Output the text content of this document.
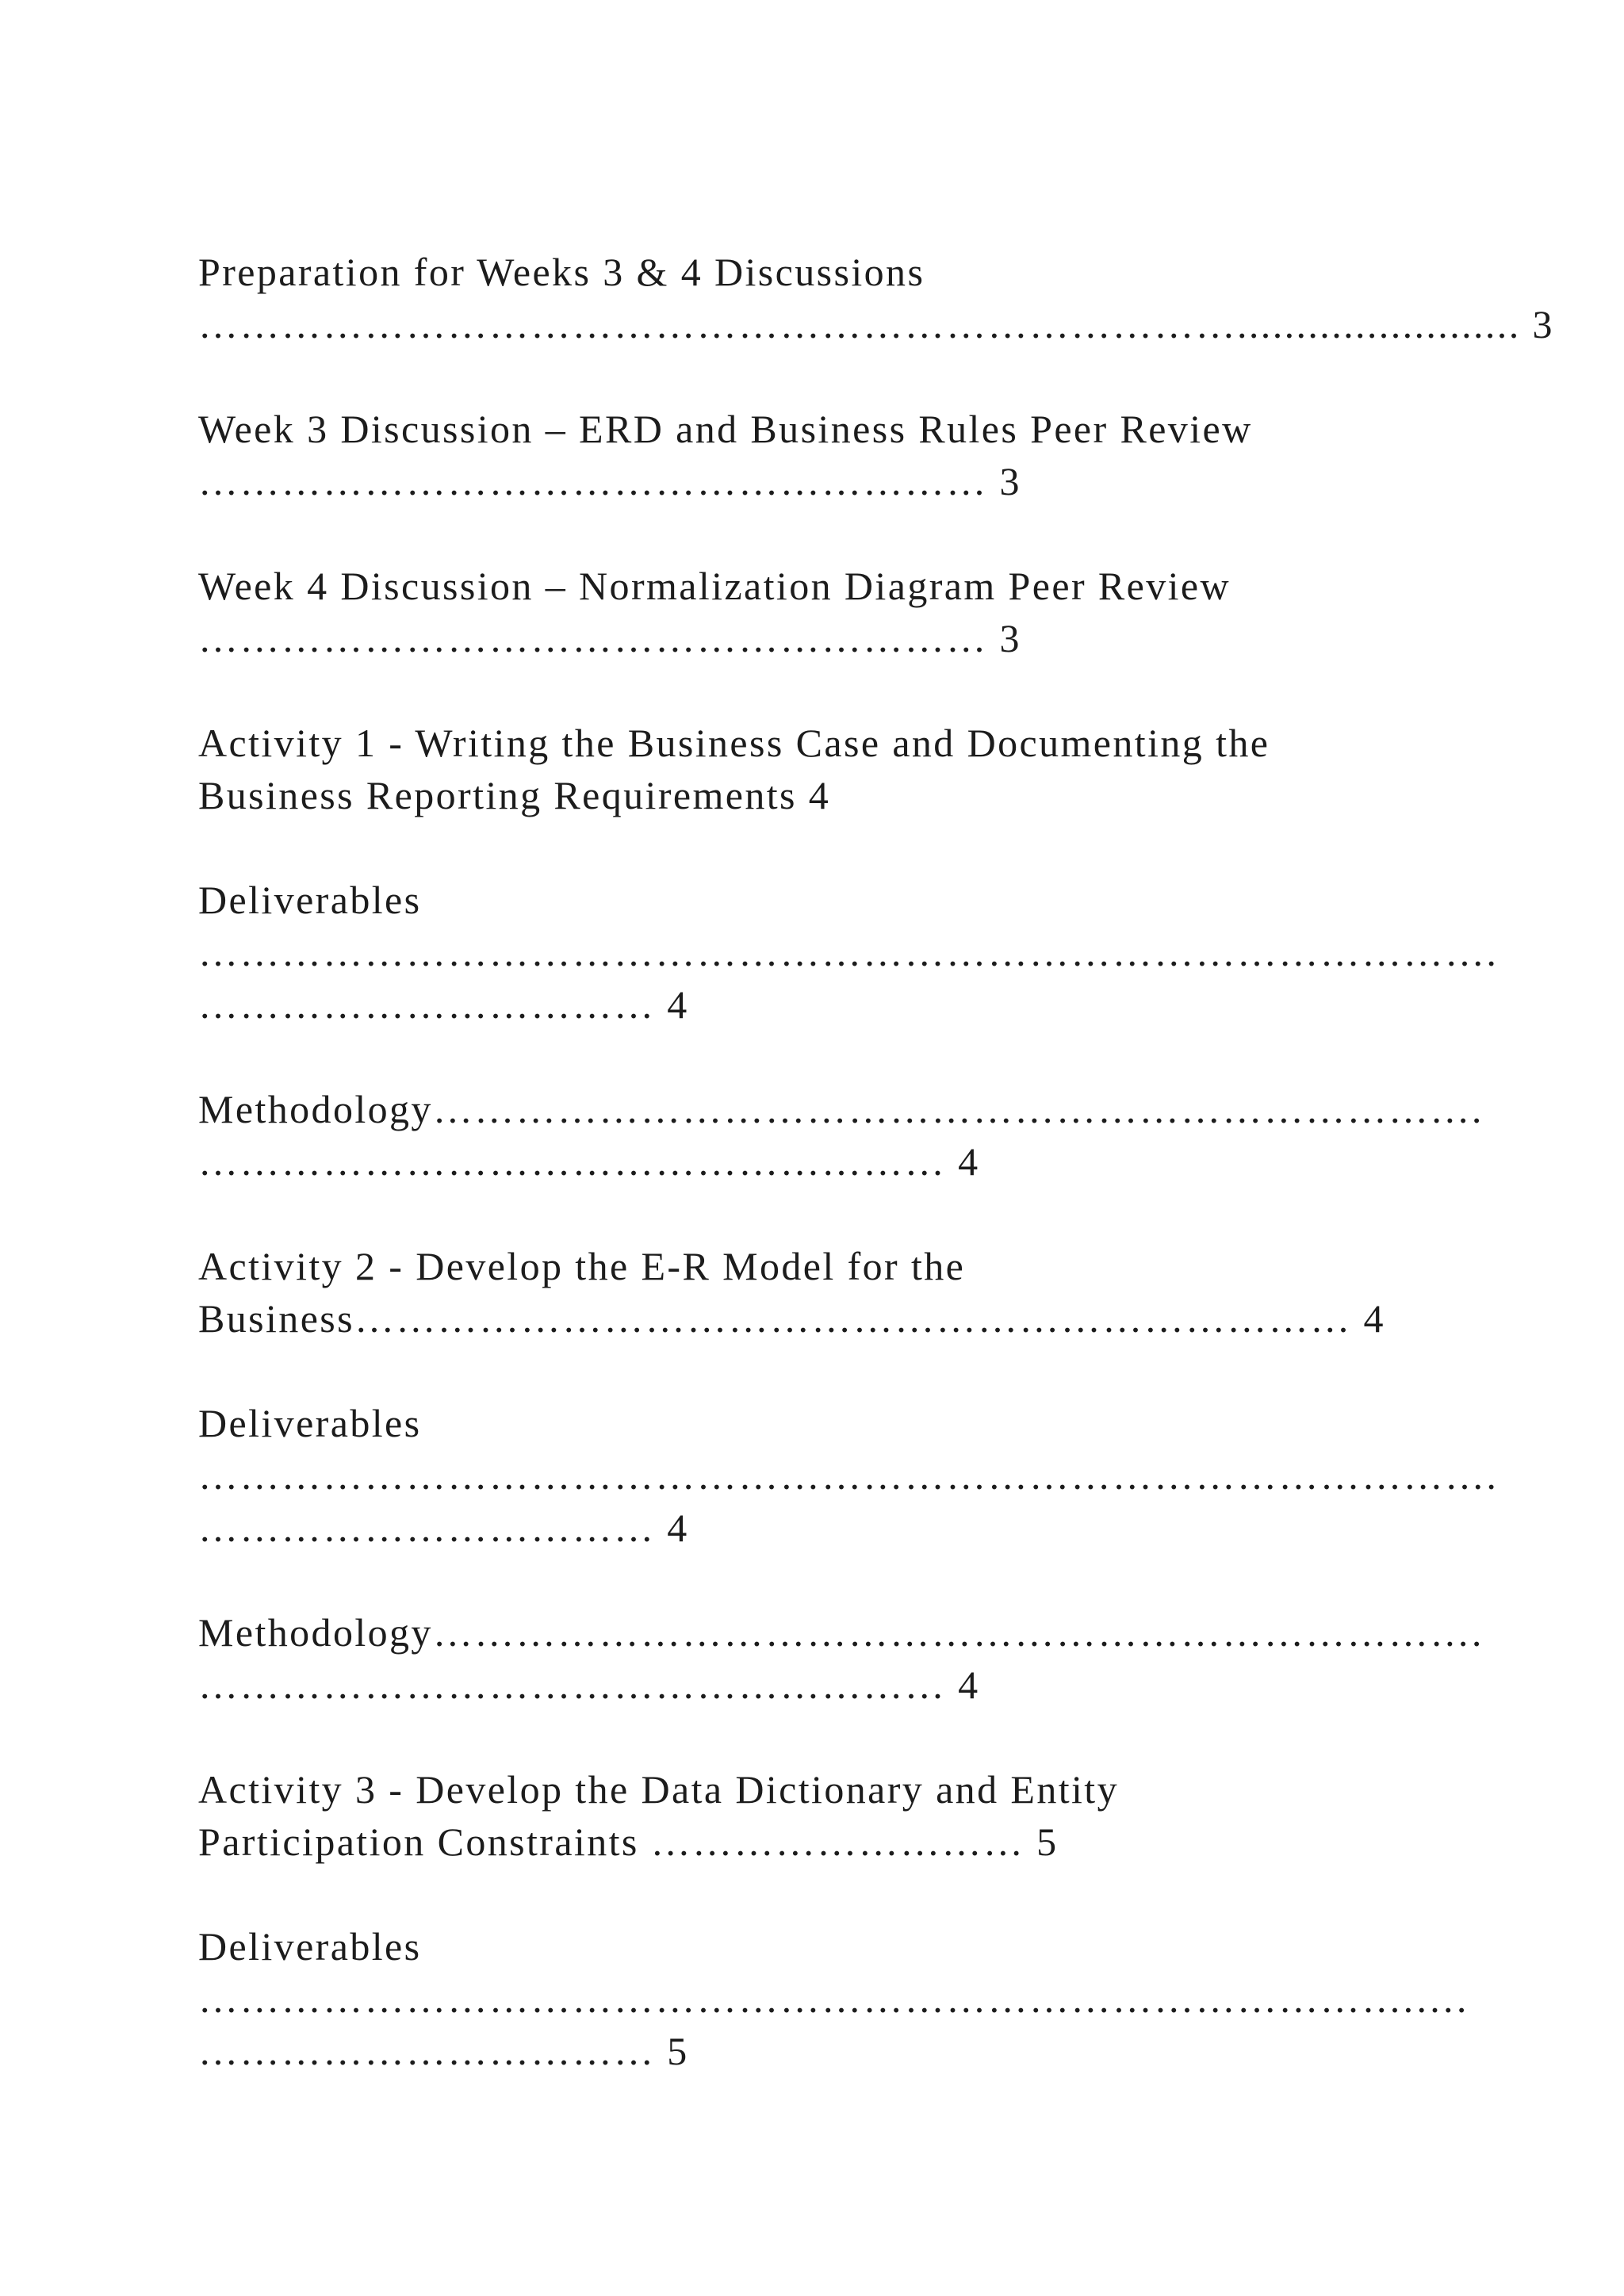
Preparation for Weeks 3 & 4 Discussions
…………………………………………………………………........................ 3
Week 3 Discussion – ERD and Business Rules Peer Review
………………………………………………… 3
Week 4 Discussion – Normalization Diagram Peer Review
………………………………………………… 3
Activity 1 - Writing the Business Case and Documenting the
Business Reporting Requirements 4
Deliverables
………………………………………………………………………………….
…………………………… 4
Methodology………………………………………………………………….
……………………………………………… 4
Activity 2 - Develop the E-R Model for the
Business……………………………………………………………… 4
Deliverables
………………………………………………………………………………….
…………………………… 4
Methodology………………………………………………………………….
……………………………………………… 4
Activity 3 - Develop the Data Dictionary and Entity
Participation Constraints ……………………… 5
Deliverables
…………………………………………………………………………….….
…………………………… 5
